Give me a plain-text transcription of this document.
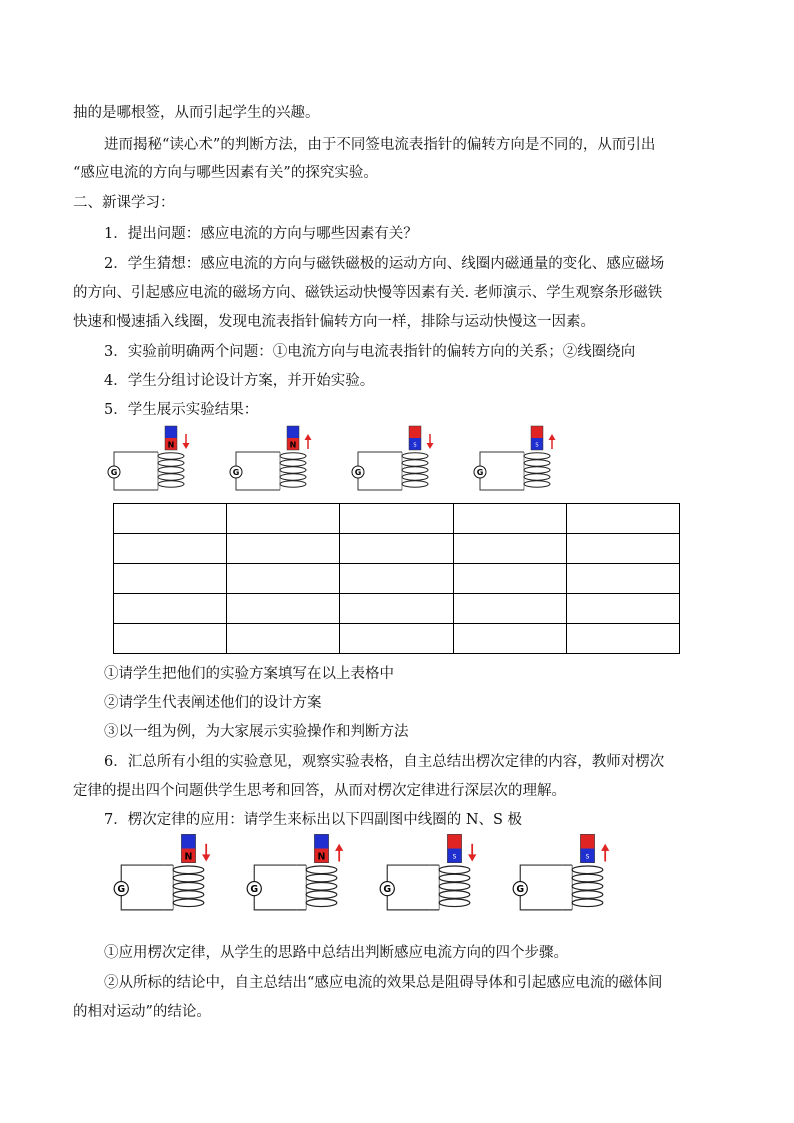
抽的是哪根签，从而引起学生的兴趣。
进而揭秘“读心术”的判断方法，由于不同签电流表指针的偏转方向是不同的，从而引出
“感应电流的方向与哪些因素有关”的探究实验。
二、新课学习：
1．提出问题：感应电流的方向与哪些因素有关？
2．学生猜想：感应电流的方向与磁铁磁极的运动方向、线圈内磁通量的变化、感应磁场
的方向、引起感应电流的磁场方向、磁铁运动快慢等因素有关. 老师演示、学生观察条形磁铁
快速和慢速插入线圈，发现电流表指针偏转方向一样，排除与运动快慢这一因素。
3．实验前明确两个问题：①电流方向与电流表指针的偏转方向的关系；②线圈绕向
4．学生分组讨论设计方案，并开始实验。
5．学生展示实验结果：
G
N
G
N
G
S
G
S

①请学生把他们的实验方案填写在以上表格中
②请学生代表阐述他们的设计方案
③以一组为例，为大家展示实验操作和判断方法
6．汇总所有小组的实验意见，观察实验表格，自主总结出楞次定律的内容，教师对楞次
定律的提出四个问题供学生思考和回答，从而对楞次定律进行深层次的理解。
7．楞次定律的应用：请学生来标出以下四副图中线圈的 N、S 极
G
N
G
N
G
S
G
S
①应用楞次定律，从学生的思路中总结出判断感应电流方向的四个步骤。
②从所标的结论中，自主总结出“感应电流的效果总是阻碍导体和引起感应电流的磁体间
的相对运动”的结论。
